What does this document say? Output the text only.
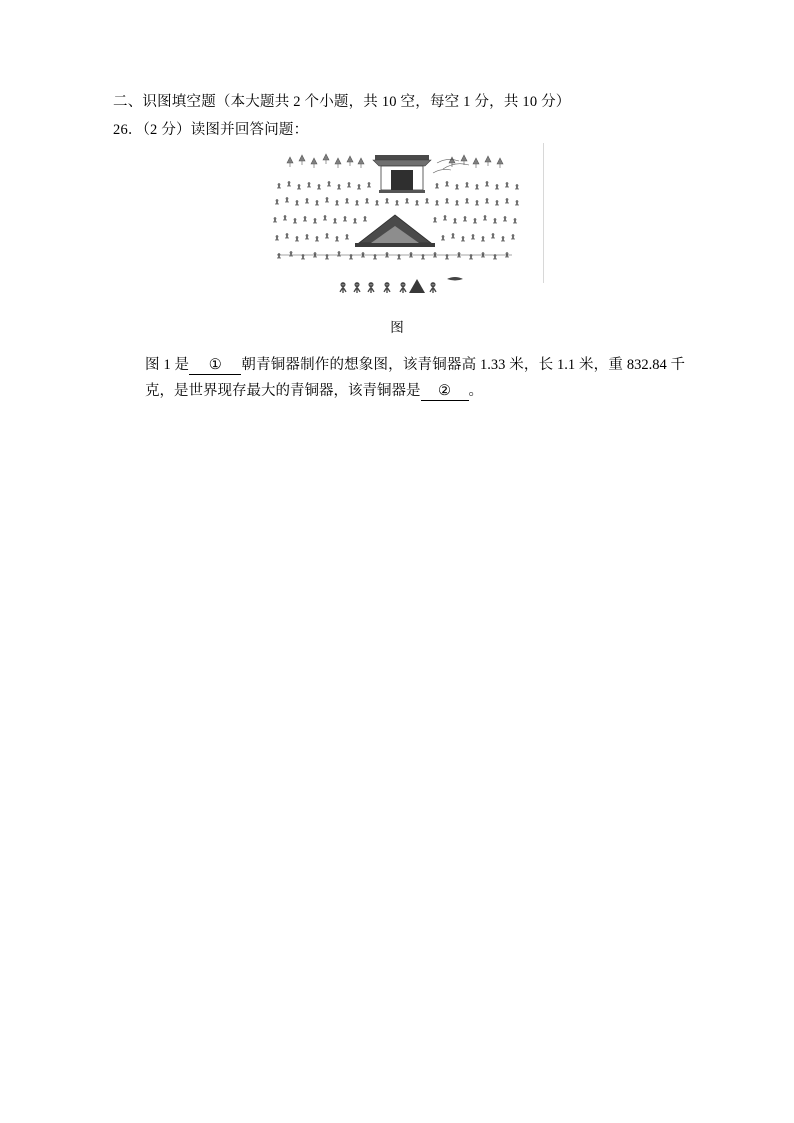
二、识图填空题（本大题共 2 个小题，共 10 空，每空 1 分，共 10 分）
26．（2 分）读图并回答问题：
图
图 1 是 ① 朝青铜器制作的想象图，该青铜器高 1.33 米，长 1.1 米，重 832.84 千克，是世界现存最大的青铜器，该青铜器是 ② 。
